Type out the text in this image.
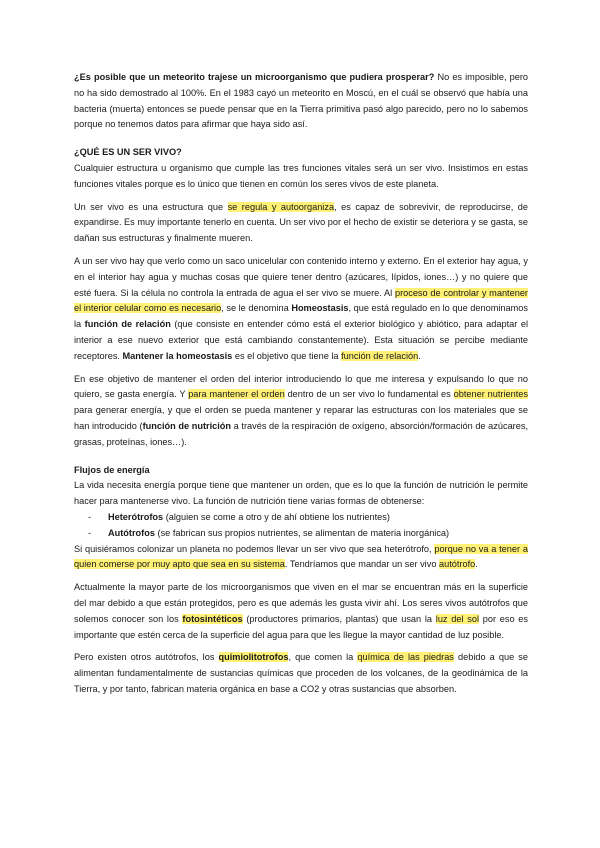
¿Es posible que un meteorito trajese un microorganismo que pudiera prosperar? No es imposible, pero no ha sido demostrado al 100%. En el 1983 cayó un meteorito en Moscú, en el cuál se observó que había una bacteria (muerta) entonces se puede pensar que en la Tierra primitiva pasó algo parecido, pero no lo sabemos porque no tenemos datos para afirmar que haya sido así.

¿QUÉ ES UN SER VIVO?

Cualquier estructura u organismo que cumple las tres funciones vitales será un ser vivo. Insistimos en estas funciones vitales porque es lo único que tienen en común los seres vivos de este planeta.

Un ser vivo es una estructura que se regula y autoorganiza, es capaz de sobrevivir, de reproducirse, de expandirse. Es muy importante tenerlo en cuenta. Un ser vivo por el hecho de existir se deteriora y se gasta, se dañan sus estructuras y finalmente mueren.

A un ser vivo hay que verlo como un saco unicelular con contenido interno y externo. En el exterior hay agua, y en el interior hay agua y muchas cosas que quiere tener dentro (azúcares, lípidos, iones…) y no quiere que esté fuera. Si la célula no controla la entrada de agua el ser vivo se muere. Al proceso de controlar y mantener el interior celular como es necesario, se le denomina Homeostasis, que está regulado en lo que denominamos la función de relación (que consiste en entender cómo está el exterior biológico y abiótico, para adaptar el interior a ese nuevo exterior que está cambiando constantemente). Esta situación se percibe mediante receptores. Mantener la homeostasis es el objetivo que tiene la función de relación.

En ese objetivo de mantener el orden del interior introduciendo lo que me interesa y expulsando lo que no quiero, se gasta energía. Y para mantener el orden dentro de un ser vivo lo fundamental es obtener nutrientes para generar energía, y que el orden se pueda mantener y reparar las estructuras con los materiales que se han introducido (función de nutrición a través de la respiración de oxígeno, absorción/formación de azúcares, grasas, proteínas, iones…).

Flujos de energía

La vida necesita energía porque tiene que mantener un orden, que es lo que la función de nutrición le permite hacer para mantenerse vivo. La función de nutrición tiene varias formas de obtenerse:

- Heterótrofos (alguien se come a otro y de ahí obtiene los nutrientes)
- Autótrofos (se fabrican sus propios nutrientes, se alimentan de materia inorgánica)

Si quisiéramos colonizar un planeta no podemos llevar un ser vivo que sea heterótrofo, porque no va a tener a quien comerse por muy apto que sea en su sistema. Tendríamos que mandar un ser vivo autótrofo.

Actualmente la mayor parte de los microorganismos que viven en el mar se encuentran más en la superficie del mar debido a que están protegidos, pero es que además les gusta vivir ahí. Los seres vivos autótrofos que solemos conocer son los fotosintéticos (productores primarios, plantas) que usan la luz del sol por eso es importante que estén cerca de la superficie del agua para que les llegue la mayor cantidad de luz posible.

Pero existen otros autótrofos, los quimiolitotrofos, que comen la química de las piedras debido a que se alimentan fundamentalmente de sustancias químicas que proceden de los volcanes, de la geodinámica de la Tierra, y por tanto, fabrican materia orgánica en base a CO2 y otras sustancias que absorben.
